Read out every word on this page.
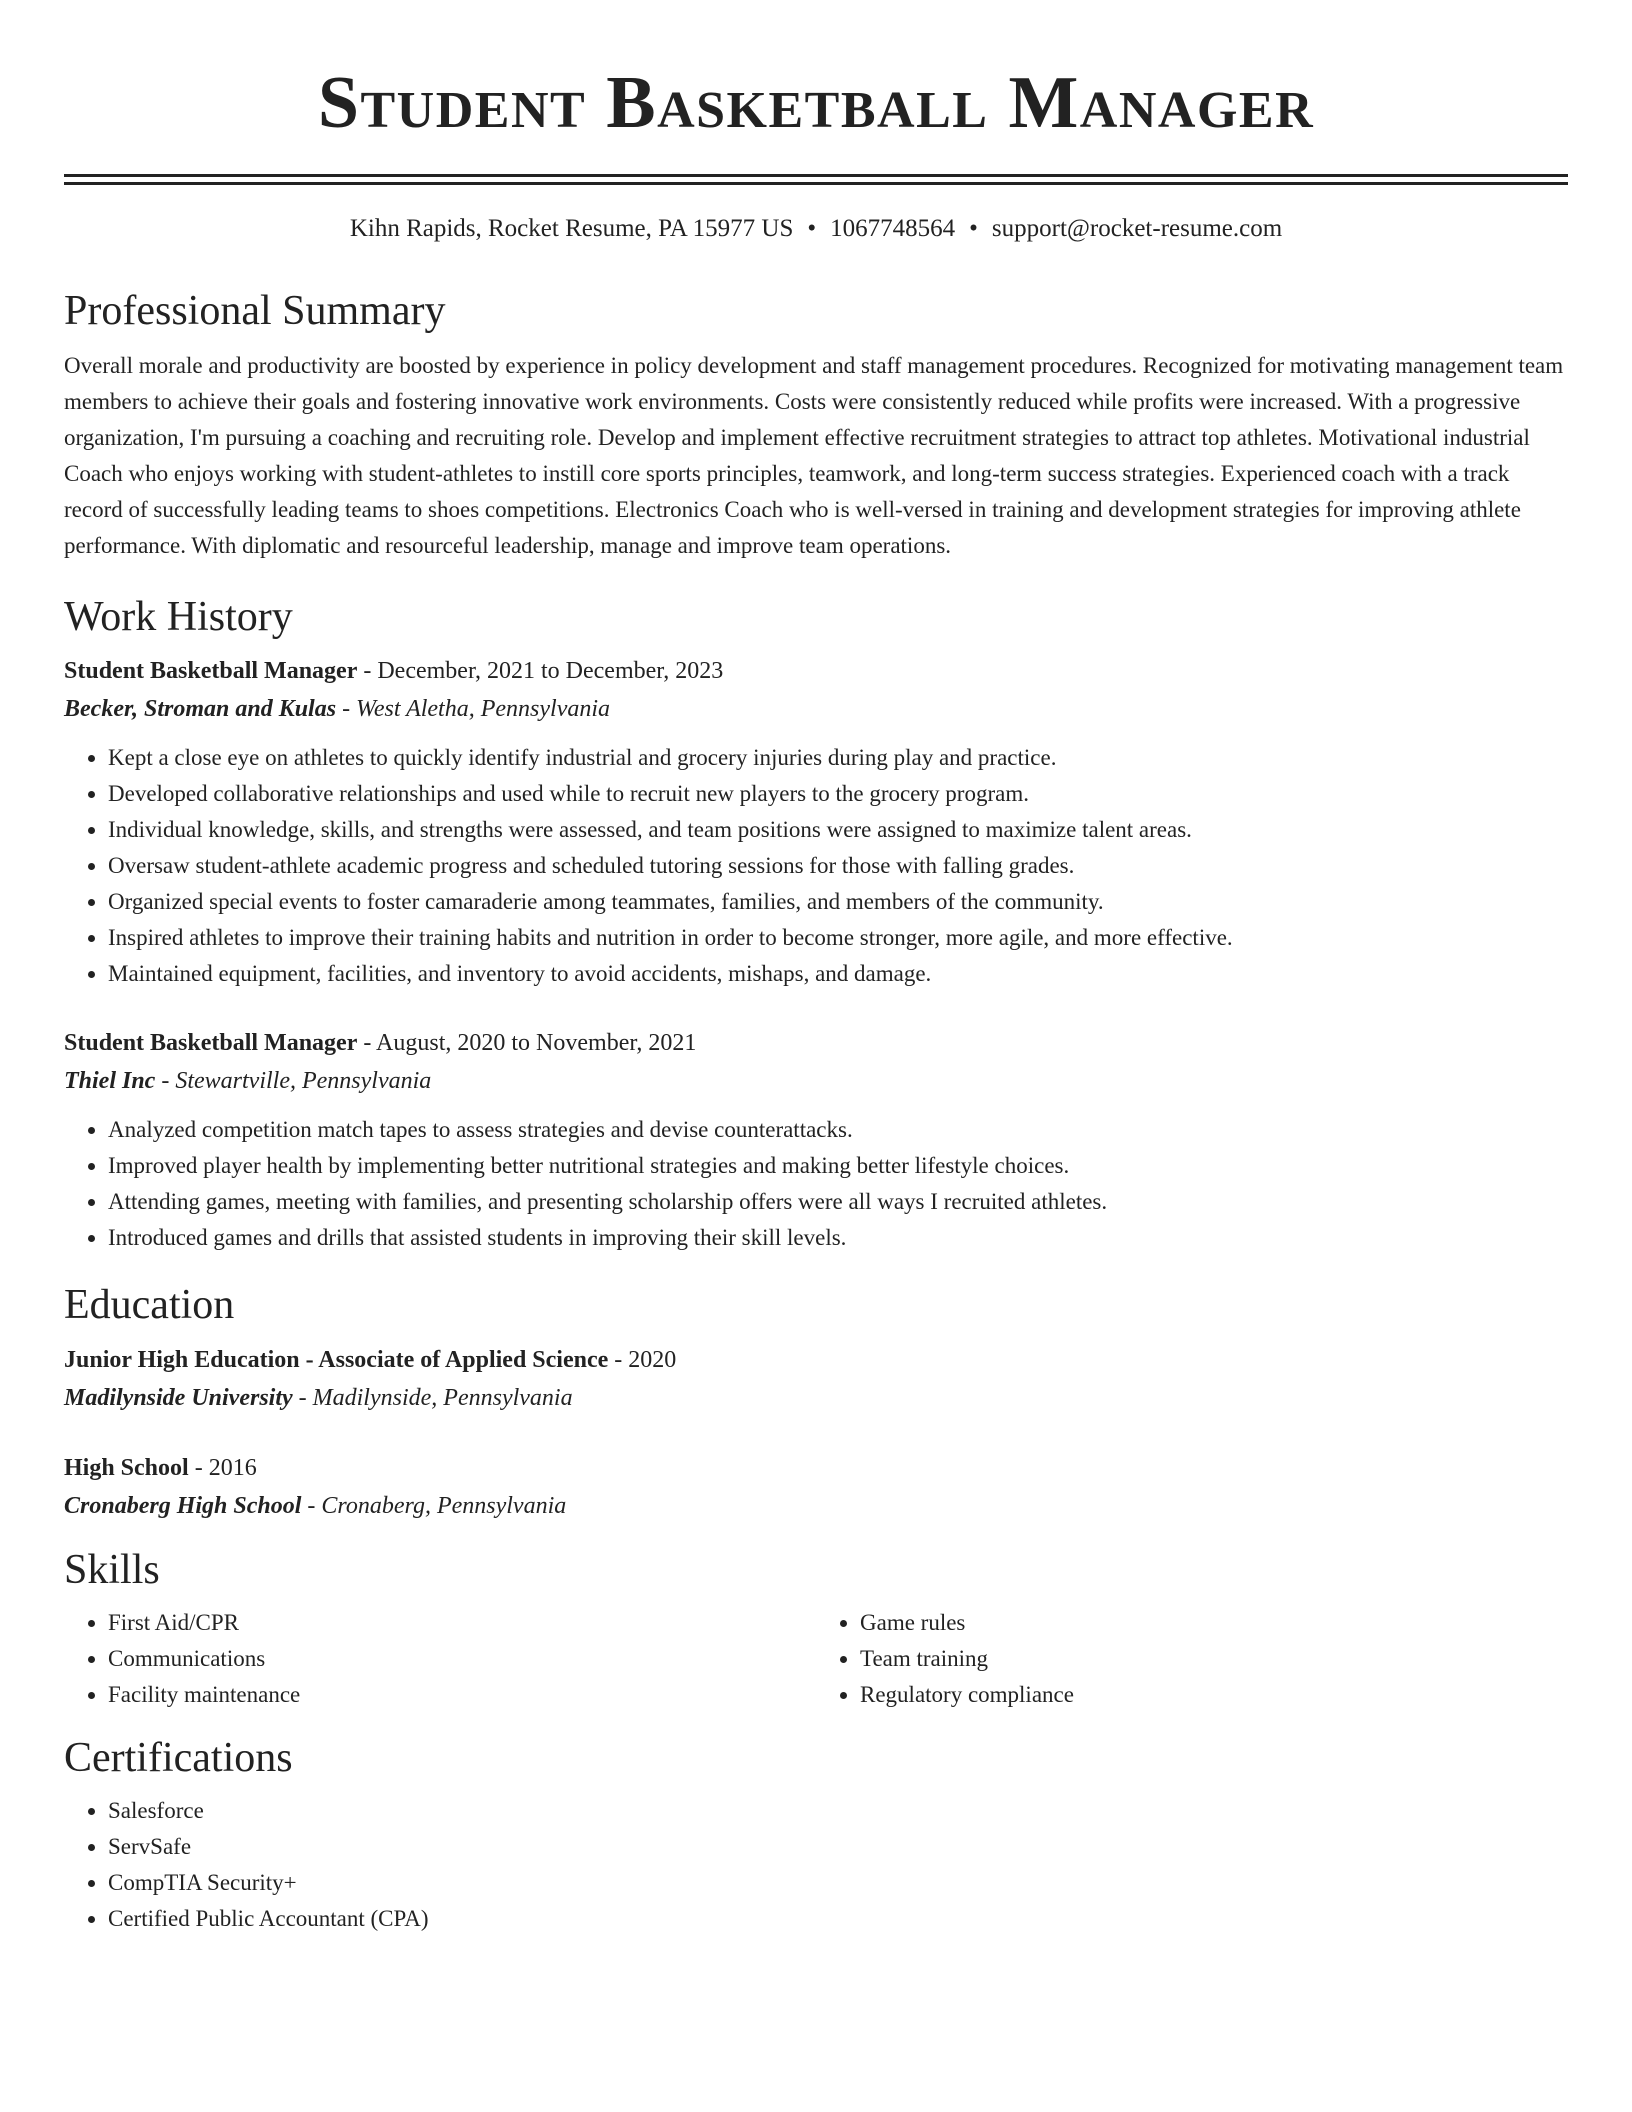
Student Basketball Manager
Kihn Rapids, Rocket Resume, PA 15977 US • 1067748564 • support@rocket-resume.com
Professional Summary

Overall morale and productivity are boosted by experience in policy development and staff management procedures. Recognized for motivating management team members to achieve their goals and fostering innovative work environments. Costs were consistently reduced while profits were increased. With a progressive organization, I'm pursuing a coaching and recruiting role. Develop and implement effective recruitment strategies to attract top athletes. Motivational industrial Coach who enjoys working with student-athletes to instill core sports principles, teamwork, and long-term success strategies. Experienced coach with a track record of successfully leading teams to shoes competitions. Electronics Coach who is well-versed in training and development strategies for improving athlete performance. With diplomatic and resourceful leadership, manage and improve team operations.

Work History
Student Basketball Manager - December, 2021 to December, 2023
Becker, Stroman and Kulas - West Aletha, Pennsylvania
• Kept a close eye on athletes to quickly identify industrial and grocery injuries during play and practice.
• Developed collaborative relationships and used while to recruit new players to the grocery program.
• Individual knowledge, skills, and strengths were assessed, and team positions were assigned to maximize talent areas.
• Oversaw student-athlete academic progress and scheduled tutoring sessions for those with falling grades.
• Organized special events to foster camaraderie among teammates, families, and members of the community.
• Inspired athletes to improve their training habits and nutrition in order to become stronger, more agile, and more effective.
• Maintained equipment, facilities, and inventory to avoid accidents, mishaps, and damage.
Student Basketball Manager - August, 2020 to November, 2021
Thiel Inc - Stewartville, Pennsylvania
• Analyzed competition match tapes to assess strategies and devise counterattacks.
• Improved player health by implementing better nutritional strategies and making better lifestyle choices.
• Attending games, meeting with families, and presenting scholarship offers were all ways I recruited athletes.
• Introduced games and drills that assisted students in improving their skill levels.
Education
Junior High Education - Associate of Applied Science - 2020
Madilynside University - Madilynside, Pennsylvania
High School - 2016
Cronaberg High School - Cronaberg, Pennsylvania
Skills
• First Aid/CPR
• Communications
• Facility maintenance
• Game rules
• Team training
• Regulatory compliance
Certifications
• Salesforce
• ServSafe
• CompTIA Security+
• Certified Public Accountant (CPA)
